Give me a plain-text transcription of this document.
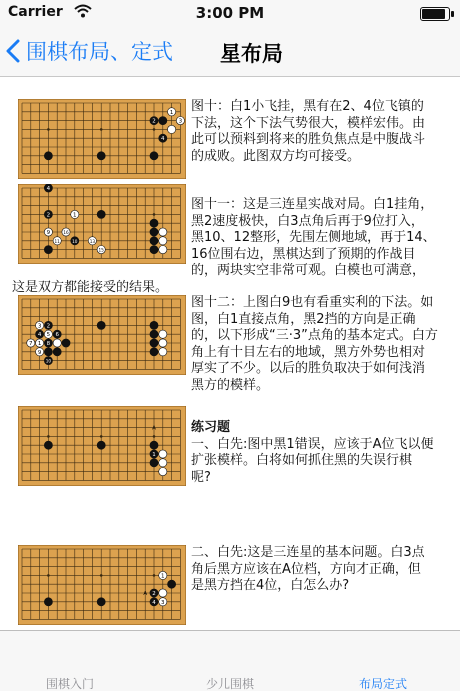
Carrier	3:00 PM
围棋布局、定式 星布局
1
2
4
3
图十：白1小飞挂，黑有在2、4位飞镇的
下法，这个下法气势很大，模样宏伟。由
此可以预料到将来的胜负焦点是中腹战斗
的成败。此图双方均可接受。
4
2	1
9	16
11	10	13
15
图十一：这是三连星实战对局。白1挂角，
黑2速度极快，白3点角后再于9位打入，
黑10、12整形，先围左侧地域，再于14、
16位围右边，黑棋达到了预期的作战目
的，两块实空非常可观。白模也可满意，
这是双方都能接受的结果。
3
4
2
5 6
7 1 8
9
10
图十二：上图白9也有看重实利的下法。如
图，白1直接点角，黑2挡的方向是正确
的，以下形成“三·3”点角的基本定式。白方
角上有十目左右的地域，黑方外势也相对
厚实了不少。以后的胜负取决于如何浅消
黑方的模样。
1
A	练习题
一、白先:图中黑1错误，应该于A位飞以便
扩张模样。白将如何抓住黑的失误行棋
呢?
1
2
4 3
A
二、白先:这是三连星的基本问题。白3点
角后黑方应该在A位档，方向才正确，但
是黑方挡在4位，白怎么办?
围棋入门	少儿围棋	布局定式
